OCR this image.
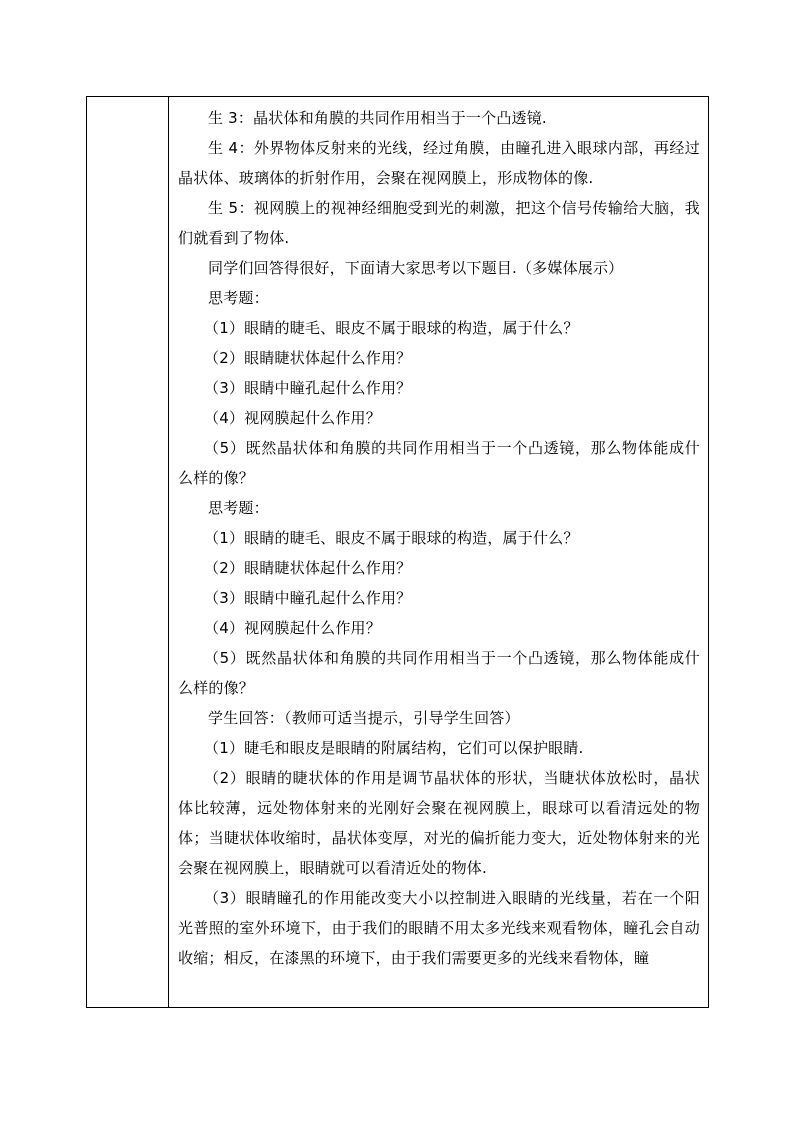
生 3：晶状体和角膜的共同作用相当于一个凸透镜.

生 4：外界物体反射来的光线，经过角膜，由瞳孔进入眼球内部，再经过晶状体、玻璃体的折射作用，会聚在视网膜上，形成物体的像.

生 5：视网膜上的视神经细胞受到光的刺激，把这个信号传输给大脑，我们就看到了物体.

同学们回答得很好，下面请大家思考以下题目.（多媒体展示）

思考题：

（1）眼睛的睫毛、眼皮不属于眼球的构造，属于什么？

（2）眼睛睫状体起什么作用？

（3）眼睛中瞳孔起什么作用？

（4）视网膜起什么作用？

（5）既然晶状体和角膜的共同作用相当于一个凸透镜，那么物体能成什么样的像？

思考题：

（1）眼睛的睫毛、眼皮不属于眼球的构造，属于什么？

（2）眼睛睫状体起什么作用？

（3）眼睛中瞳孔起什么作用？

（4）视网膜起什么作用？

（5）既然晶状体和角膜的共同作用相当于一个凸透镜，那么物体能成什么样的像？

学生回答：（教师可适当提示，引导学生回答）

（1）睫毛和眼皮是眼睛的附属结构，它们可以保护眼睛.

（2）眼睛的睫状体的作用是调节晶状体的形状，当睫状体放松时，晶状体比较薄，远处物体射来的光刚好会聚在视网膜上，眼球可以看清远处的物体；当睫状体收缩时，晶状体变厚，对光的偏折能力变大，近处物体射来的光会聚在视网膜上，眼睛就可以看清近处的物体.

（3）眼睛瞳孔的作用能改变大小以控制进入眼睛的光线量，若在一个阳光普照的室外环境下，由于我们的眼睛不用太多光线来观看物体，瞳孔会自动收缩；相反，在漆黑的环境下，由于我们需要更多的光线来看物体，瞳
